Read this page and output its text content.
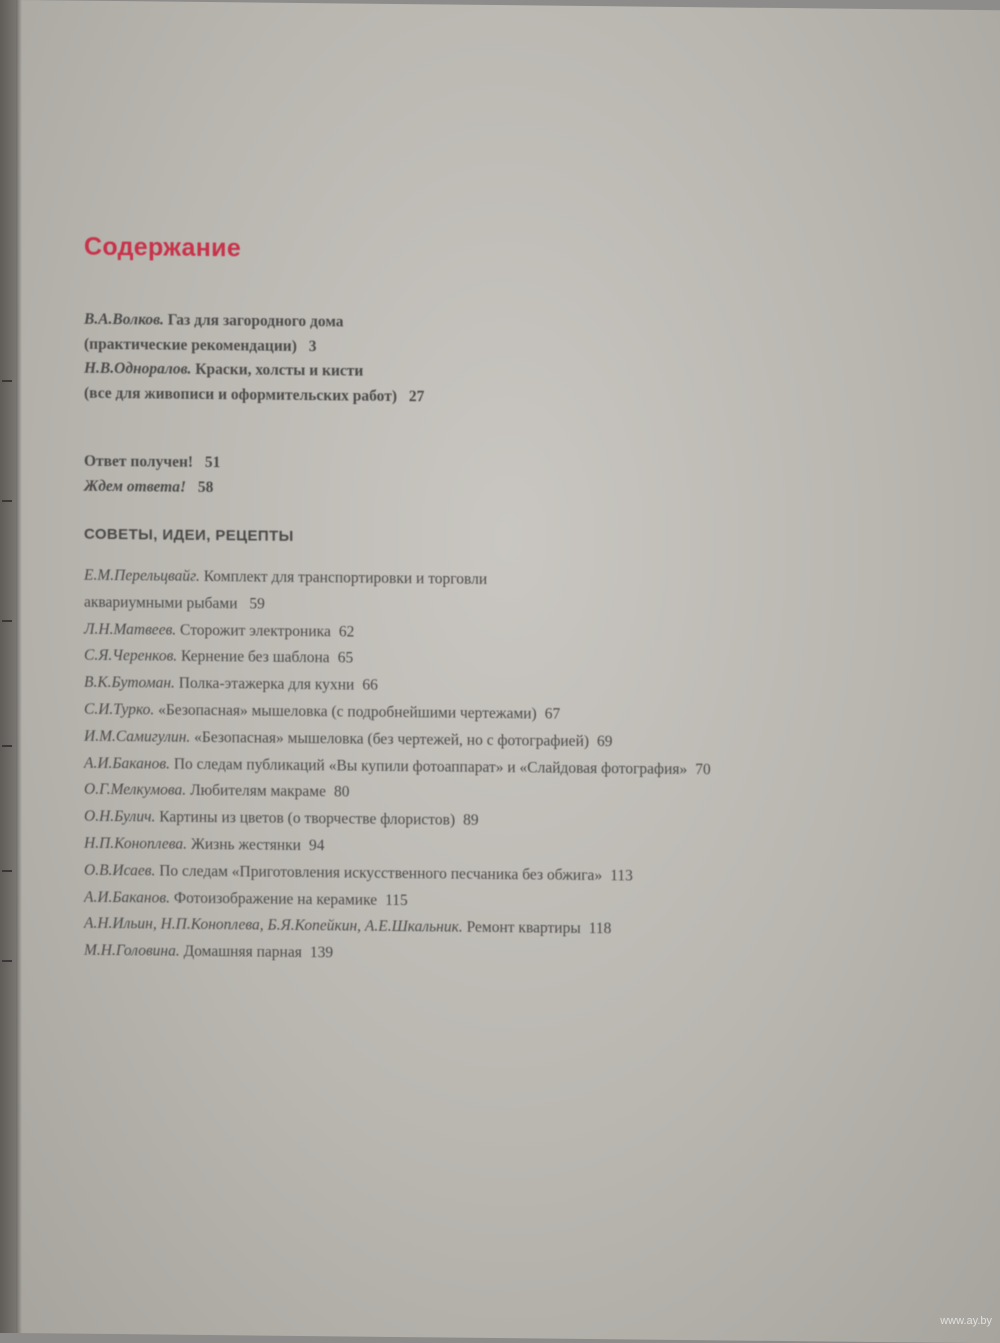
Содержание
В.А.Волков. Газ для загородного дома
(практические рекомендации) 3
Н.В.Одноралов. Краски, холсты и кисти
(все для живописи и оформительских работ) 27
Ответ получен! 51
Ждем ответа! 58
СОВЕТЫ, ИДЕИ, РЕЦЕПТЫ
Е.М.Перельцвайг. Комплект для транспортировки и торговли
аквариумными рыбами 59
Л.Н.Матвеев. Сторожит электроника 62
С.Я.Черенков. Кернение без шаблона 65
В.К.Бутоман. Полка-этажерка для кухни 66
С.И.Турко. «Безопасная» мышеловка (с подробнейшими чертежами) 67
И.М.Самигулин. «Безопасная» мышеловка (без чертежей, но с фотографией) 69
А.И.Баканов. По следам публикаций «Вы купили фотоаппарат» и «Слайдовая фотография» 70
О.Г.Мелкумова. Любителям макраме 80
О.Н.Булич. Картины из цветов (о творчестве флористов) 89
Н.П.Коноплева. Жизнь жестянки 94
О.В.Исаев. По следам «Приготовления искусственного песчаника без обжига» 113
А.И.Баканов. Фотоизображение на керамике 115
А.Н.Ильин, Н.П.Коноплева, Б.Я.Копейкин, А.Е.Шкальник. Ремонт квартиры 118
М.Н.Головина. Домашняя парная 139
www.ay.by
